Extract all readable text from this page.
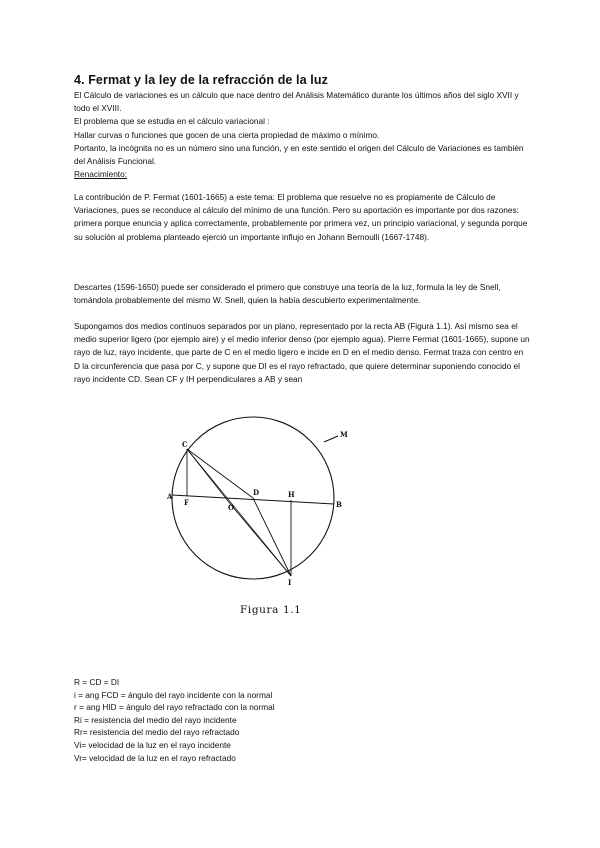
4. Fermat y la ley de la refracción de la luz

El Cálculo de variaciones es un cálculo que nace dentro del Análisis Matemático durante los últimos años del siglo XVII y todo el XVIII.

El problema que se estudia en el cálculo variacional :

Hallar curvas o funciones que gocen de una cierta propiedad de máximo o mínimo.

Portanto, la incógnita no es un número sino una función, y en este sentido el origen del Cálculo de Variaciones es también del Análisis Funcional.

Renacimiento:

La contribución de P. Fermat (1601-1665) a este tema: El problema que resuelve no es propiamente de Cálculo de Variaciones, pues se reconduce al cálculo del mínimo de una función. Pero su aportación es importante por dos razones: primera porque enuncia y aplica correctamente, probablemente por primera vez, un principio variacional, y segunda porque su solución al problema planteado ejerció un importante influjo en Johann Bernoulli (1667-1748).

Descartes (1596-1650) puede ser considerado el primero que construye una teoría de la luz, formula la ley de Snell, tomándola probablemente del mismo W. Snell, quien la había descubierto experimentalmente.

Supongamos dos medios continuos separados por un plano, representado por la recta AB (Figura 1.1). Así mismo sea el medio superior ligero (por ejemplo aire) y el medio inferior denso (por ejemplo agua). Pierre Fermat (1601-1665), supone un rayo de luz, rayo incidente, que parte de C en el medio ligero e incide en D en el medio denso. Fermat traza con centro en D la circunferencia que pasa por C, y supone que DI es el rayo refractado, que quiere determinar suponiendo conocido el rayo incidente CD. Sean CF y IH perpendiculares a AB y sean

C
A
B
F
O
D	H
I
M
Figura 1.1
R = CD = DI
i = ang FCD = ángulo del rayo incidente con la normal
r = ang HID = ángulo del rayo refractado con la normal
Ri = resistencia del medio del rayo incidente
Rr= resistencia del medio del rayo refractado
Vi= velocidad de la luz en el rayo incidente
Vr= velocidad de la luz en el rayo refractado
